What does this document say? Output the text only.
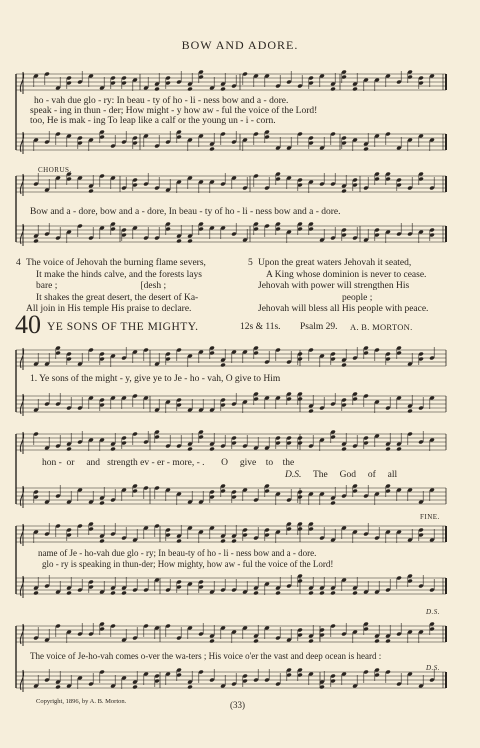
BOW AND ADORE.
ho - vah due glo - ry: In beau - ty of ho - li - ness bow and a - dore.
speak - ing in thun - der; How might - y how aw - ful the voice of the Lord!
too, He is mak - ing To leap like a calf or the young un - i - corn.
CHORUS.
Bow and a - dore, bow and a - dore, In beau - ty of ho - li - ness bow and a - dore.
4 The voice of Jehovah the burning flame severs,
It make the hinds calve, and the forests lays
bare ;                                   [desh ;
It shakes the great desert, the desert of Ka-
All join in His temple His praise to declare.
5 Upon the great waters Jehovah it seated,
A King whose dominion is never to cease.
Jehovah with power will strengthen His
people ;
Jehovah will bless all His people with peace.
40 YE SONS OF THE MIGHTY.	12s & 11s. Psalm 29. A. B. MORTON.
1. Ye sons of the might - y, give ye to Je - ho - vah, O give to Him
hon -  or     and   strength ev - er - more, - .       O     give    to    the
D.S. The     God     of     all
FINE.
name of Je - ho-vah due glo - ry; In beau-ty of ho - li - ness bow and a - dore.
glo - ry is speaking in thun-der; How mighty, how aw - ful the voice of the Lord!
D.S.
The voice of Je-ho-vah comes o-ver the wa-ters ; His voice o'er the vast and deep ocean is heard :
D.S.
Copyright, 1896, by A. B. Morton.	(33)
